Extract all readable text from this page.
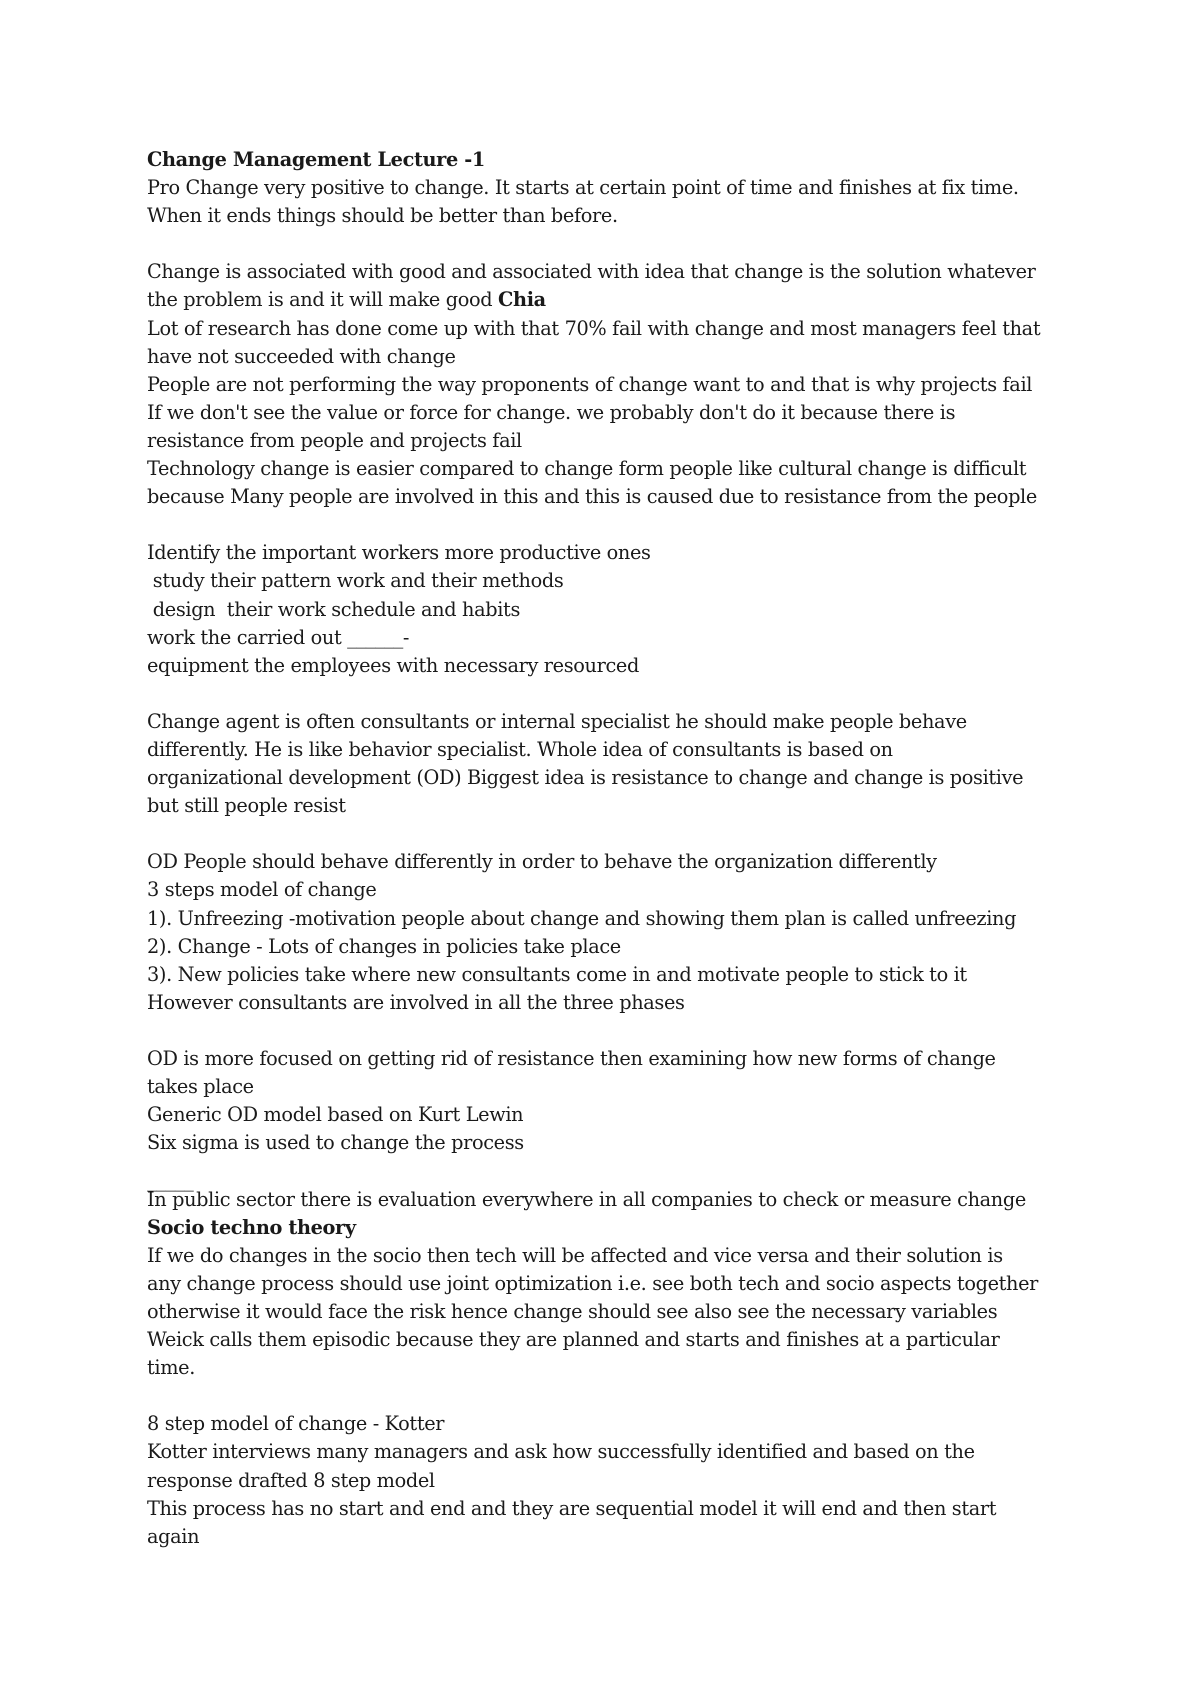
Change Management Lecture -1
Pro Change very positive to change. It starts at certain point of time and finishes at fix time.
When it ends things should be better than before.
Change is associated with good and associated with idea that change is the solution whatever
the problem is and it will make good Chia
Lot of research has done come up with that 70% fail with change and most managers feel that
have not succeeded with change
People are not performing the way proponents of change want to and that is why projects fail
If we don't see the value or force for change. we probably don't do it because there is
resistance from people and projects fail
Technology change is easier compared to change form people like cultural change is difficult
because Many people are involved in this and this is caused due to resistance from the people
Identify the important workers more productive ones
study their pattern work and their methods
design  their work schedule and habits
work the carried out ______-
equipment the employees with necessary resourced
Change agent is often consultants or internal specialist he should make people behave
differently. He is like behavior specialist. Whole idea of consultants is based on
organizational development (OD) Biggest idea is resistance to change and change is positive
but still people resist
OD People should behave differently in order to behave the organization differently
3 steps model of change
1). Unfreezing -motivation people about change and showing them plan is called unfreezing
2). Change - Lots of changes in policies take place
3). New policies take where new consultants come in and motivate people to stick to it
However consultants are involved in all the three phases
OD is more focused on getting rid of resistance then examining how new forms of change
takes place
Generic OD model based on Kurt Lewin
Six sigma is used to change the process
_____
In public sector there is evaluation everywhere in all companies to check or measure change
Socio techno theory
If we do changes in the socio then tech will be affected and vice versa and their solution is
any change process should use joint optimization i.e. see both tech and socio aspects together
otherwise it would face the risk hence change should see also see the necessary variables
Weick calls them episodic because they are planned and starts and finishes at a particular
time.
8 step model of change - Kotter
Kotter interviews many managers and ask how successfully identified and based on the
response drafted 8 step model
This process has no start and end and they are sequential model it will end and then start
again
